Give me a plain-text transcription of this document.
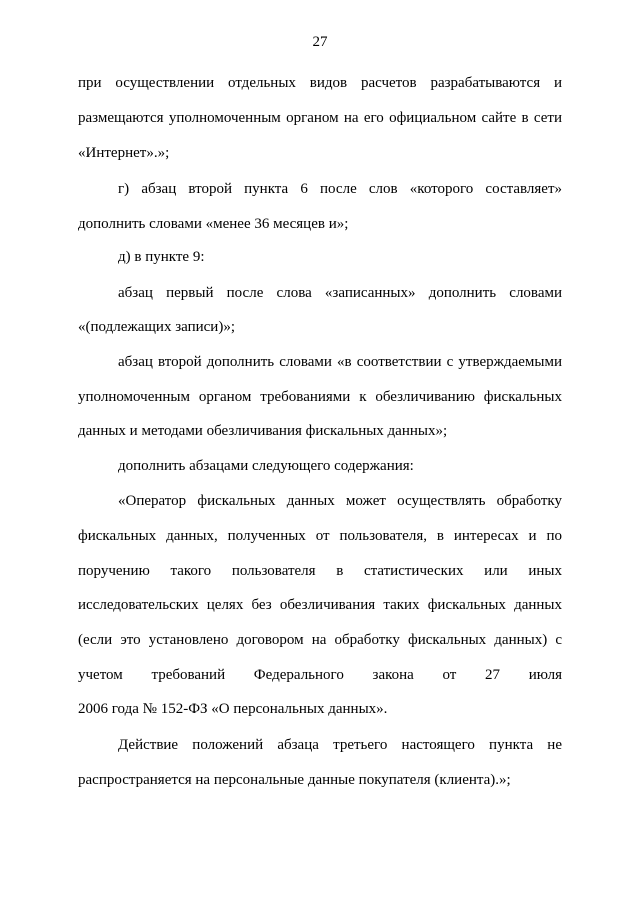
27
при осуществлении отдельных видов расчетов разрабатываются и
размещаются уполномоченным органом на его официальном сайте в сети
«Интернет».»;
г) абзац второй пункта 6 после слов «которого составляет»
дополнить словами «менее 36 месяцев и»;
д) в пункте 9:
абзац первый после слова «записанных» дополнить словами
«(подлежащих записи)»;
абзац второй дополнить словами «в соответствии с утверждаемыми
уполномоченным органом требованиями к обезличиванию фискальных
данных и методами обезличивания фискальных данных»;
дополнить абзацами следующего содержания:
«Оператор фискальных данных может осуществлять обработку
фискальных данных, полученных от пользователя, в интересах и по
поручению такого пользователя в статистических или иных
исследовательских целях без обезличивания таких фискальных данных
(если это установлено договором на обработку фискальных данных) с
учетом требований Федерального закона от 27 июля
2006 года № 152-ФЗ «О персональных данных».
Действие положений абзаца третьего настоящего пункта не
распространяется на персональные данные покупателя (клиента).»;
